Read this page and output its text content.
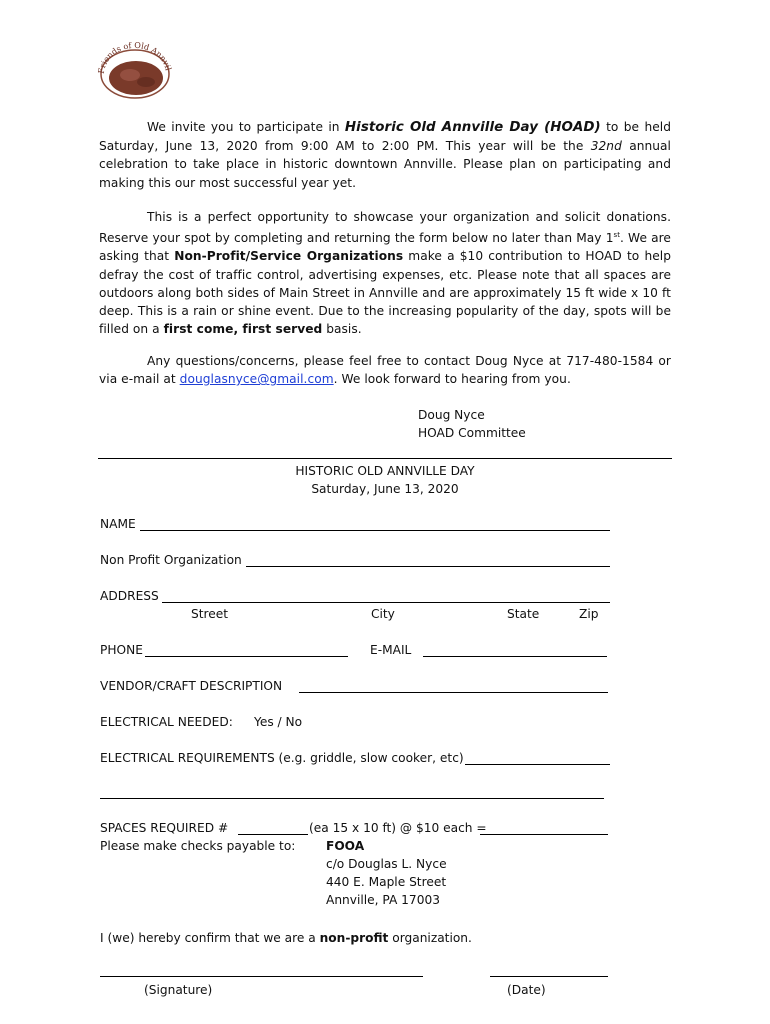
Friends of Old Annvil
We invite you to participate in Historic Old Annville Day (HOAD) to be held Saturday, June 13, 2020 from 9:00 AM to 2:00 PM. This year will be the 32nd annual celebration to take place in historic downtown Annville. Please plan on participating and making this our most successful year yet.
This is a perfect opportunity to showcase your organization and solicit donations. Reserve your spot by completing and returning the form below no later than May 1st. We are asking that Non-Profit/Service Organizations make a $10 contribution to HOAD to help defray the cost of traffic control, advertising expenses, etc. Please note that all spaces are outdoors along both sides of Main Street in Annville and are approximately 15 ft wide x 10 ft deep. This is a rain or shine event. Due to the increasing popularity of the day, spots will be filled on a first come, first served basis.
Any questions/concerns, please feel free to contact Doug Nyce at 717-480-1584 or via e-mail at douglasnyce@gmail.com. We look forward to hearing from you.
Doug Nyce
HOAD Committee
HISTORIC OLD ANNVILLE DAY
Saturday, June 13, 2020
NAME
Non Profit Organization
ADDRESS
Street	City	State	Zip
PHONE	E-MAIL
VENDOR/CRAFT DESCRIPTION
ELECTRICAL NEEDED: Yes / No
ELECTRICAL REQUIREMENTS (e.g. griddle, slow cooker, etc)
SPACES REQUIRED #	(ea 15 x 10 ft) @ $10 each =
Please make checks payable to:	FOOA
c/o Douglas L. Nyce
440 E. Maple Street
Annville, PA 17003
I (we) hereby confirm that we are a non-profit organization.
(Signature)	(Date)
